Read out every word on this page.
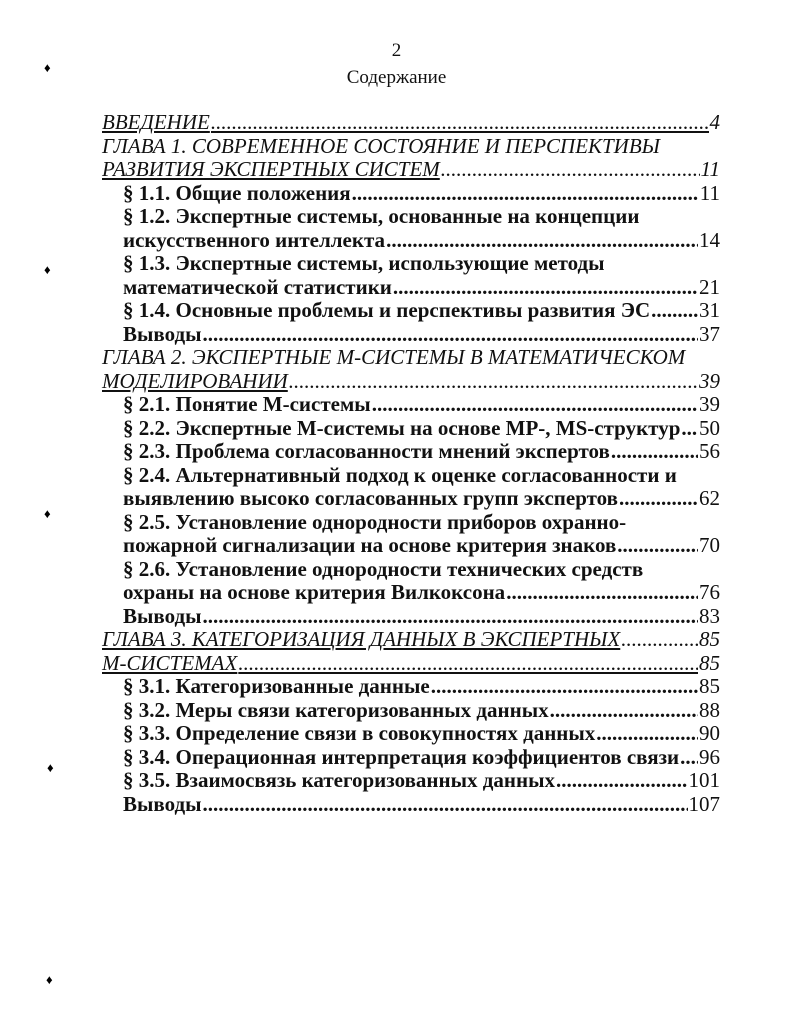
2
Содержание
♦
♦
♦
♦
♦
ВВЕДЕНИЕ .....	4
ГЛАВА 1. СОВРЕМЕННОЕ СОСТОЯНИЕ И ПЕРСПЕКТИВЫ
РАЗВИТИЯ ЭКСПЕРТНЫХ СИСТЕМ .....	11
§ 1.1. Общие положения .....	11
§ 1.2. Экспертные системы, основанные на концепции
искусственного интеллекта .....	14
§ 1.3. Экспертные системы, использующие методы
математической статистики .....	21
§ 1.4. Основные проблемы и перспективы развития ЭС ..... 31
Выводы .....	37
ГЛАВА 2. ЭКСПЕРТНЫЕ М-СИСТЕМЫ В МАТЕМАТИЧЕСКОМ
МОДЕЛИРОВАНИИ .....	39
§ 2.1. Понятие М-системы .....	39
§ 2.2. Экспертные М-системы на основе MP-, MS-структур ..... 50
§ 2.3. Проблема согласованности мнений экспертов .....	56
§ 2.4. Альтернативный подход к оценке согласованности и
выявлению высоко согласованных групп экспертов .....	62
§ 2.5. Установление однородности приборов охранно-
пожарной сигнализации на основе критерия знаков .....	70
§ 2.6. Установление однородности технических средств
охраны на основе критерия Вилкоксона .....	76
Выводы .....	83
ГЛАВА 3. КАТЕГОРИЗАЦИЯ ДАННЫХ В ЭКСПЕРТНЫХ .....	85
М-СИСТЕМАХ .....	85
§ 3.1. Категоризованные данные .....	85
§ 3.2. Меры связи категоризованных данных .....	88
§ 3.3. Определение связи в совокупностях данных .....	90
§ 3.4. Операционная интерпретация коэффициентов связи ..... 96
§ 3.5. Взаимосвязь категоризованных данных .....	101
Выводы .....	107
